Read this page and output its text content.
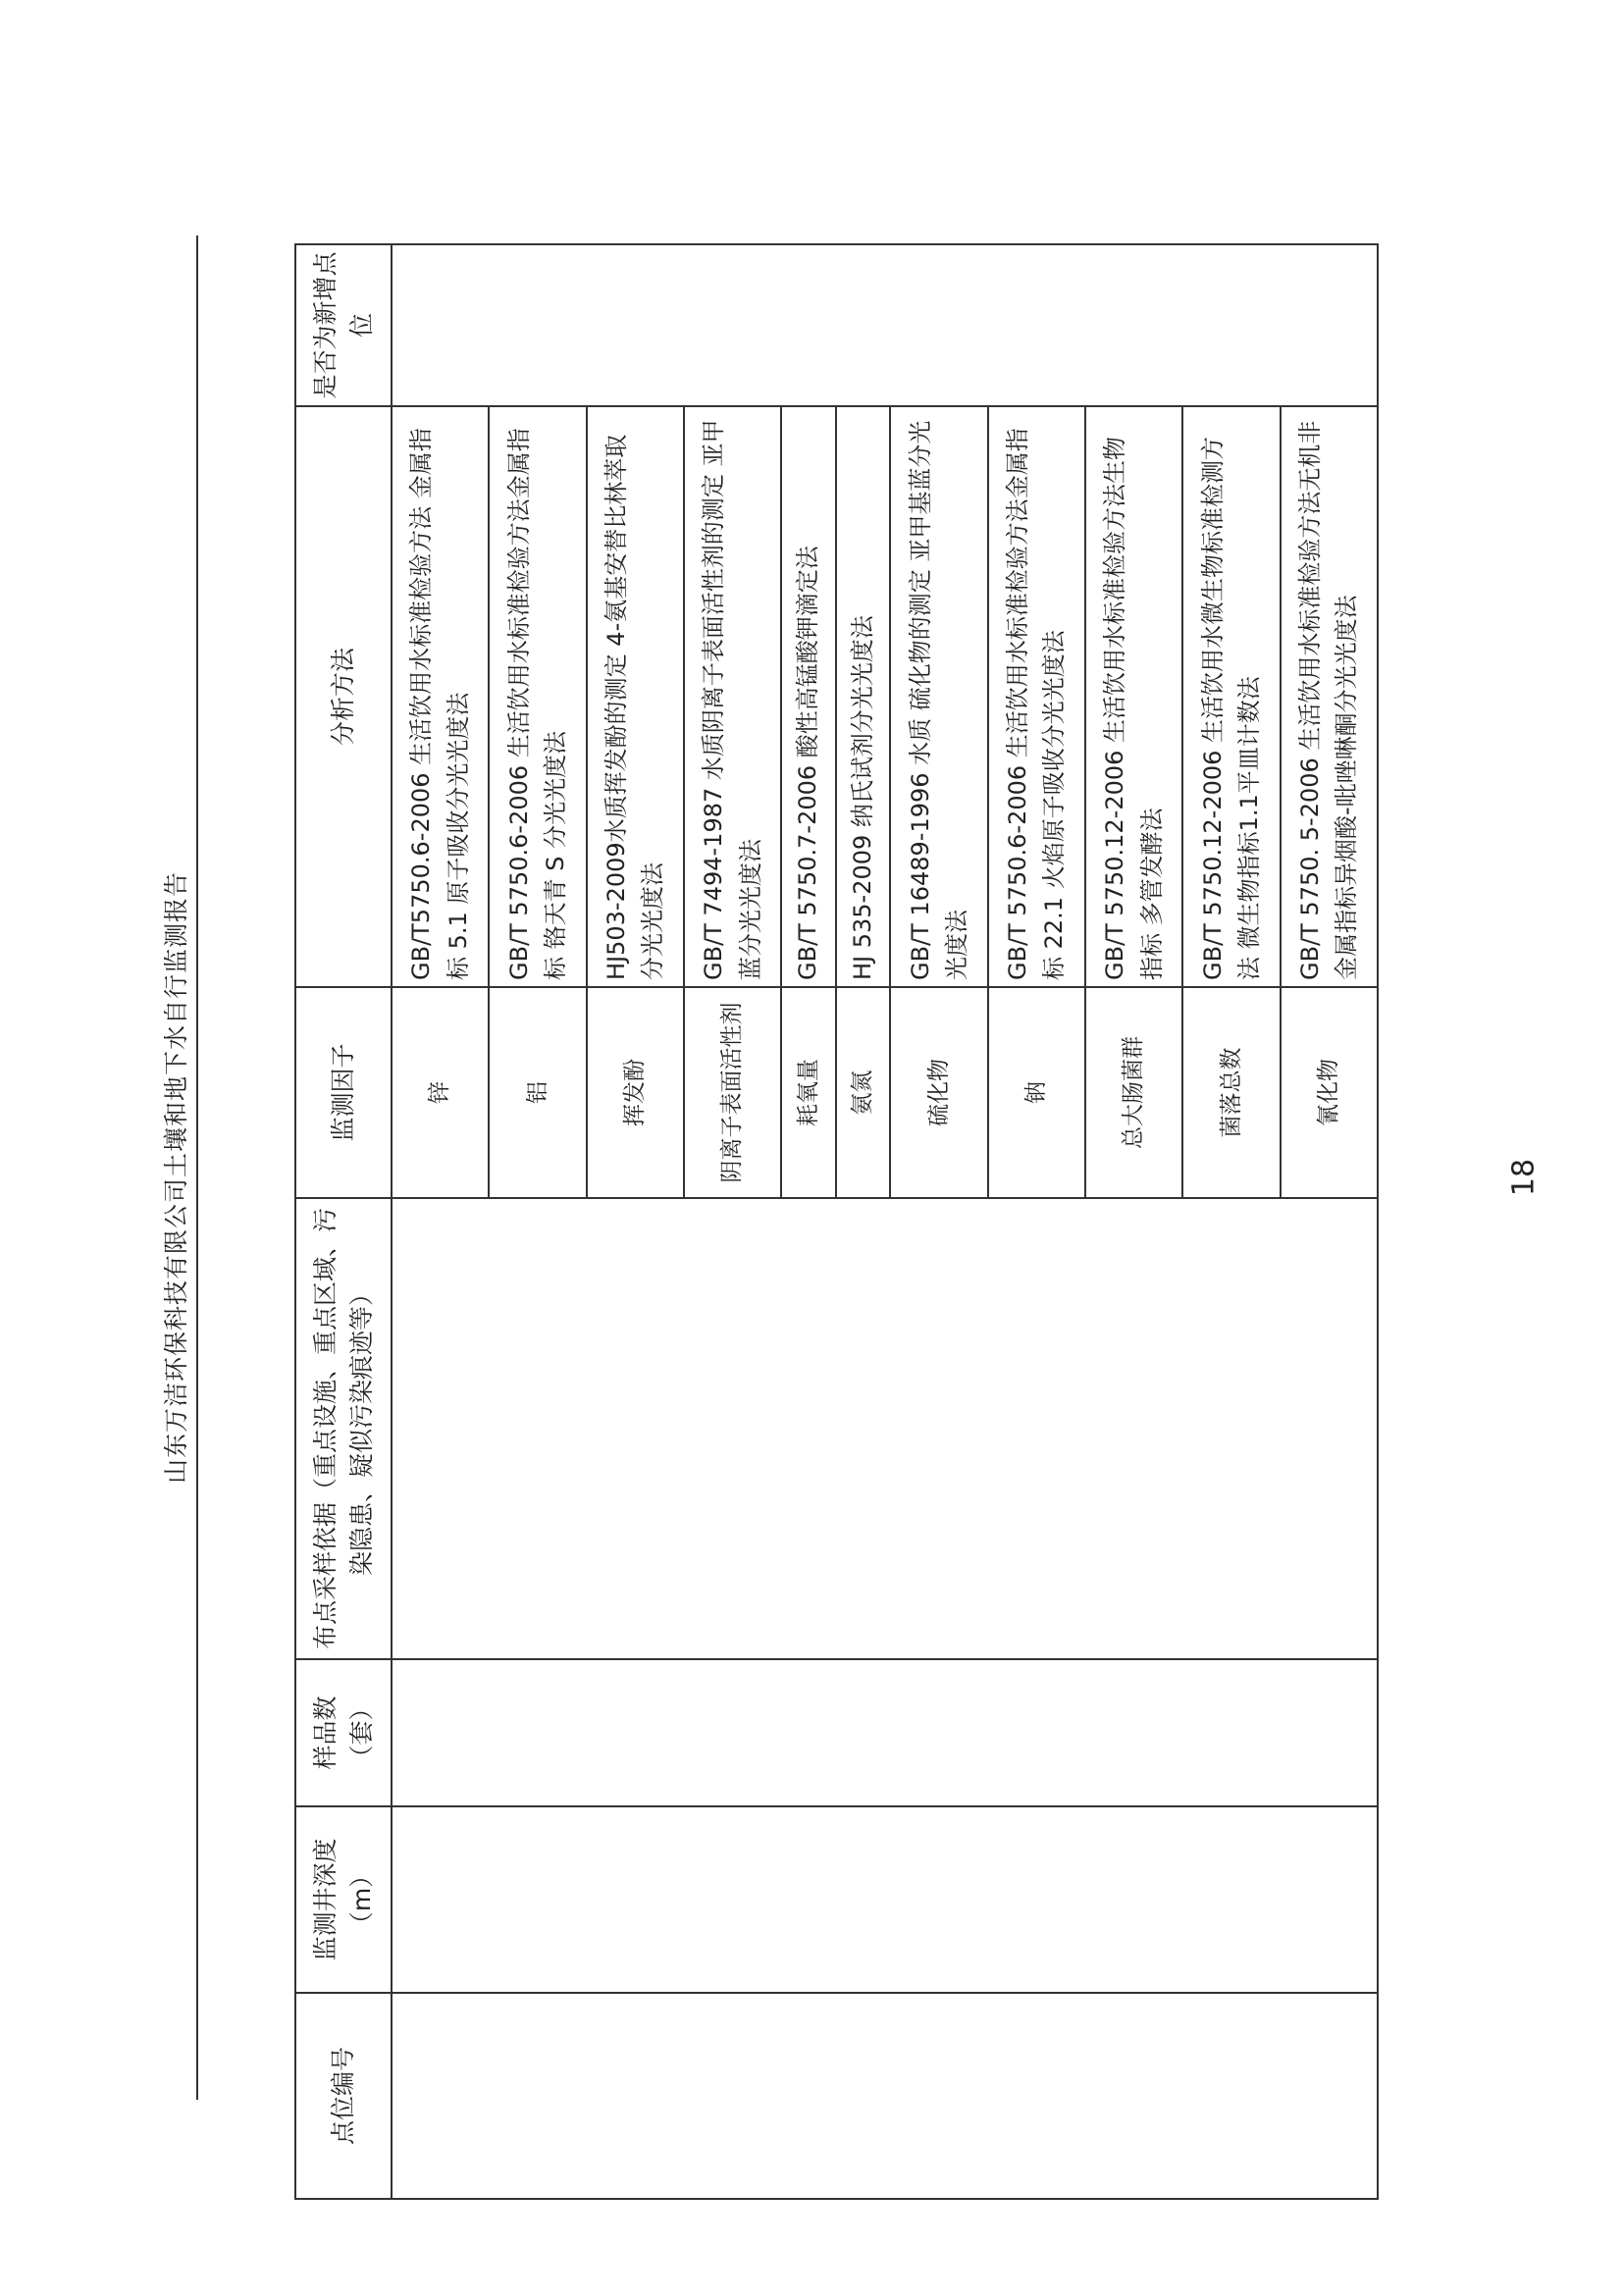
山东万洁环保科技有限公司土壤和地下水自行监测报告
点位编号	监测井深度（m）	样品数（套）	布点采样依据（重点设施、重点区域、污染隐患、疑似污染痕迹等）	监测因子	分析方法	是否为新增点位
				锌	GB/T5750.6-2006 生活饮用水标准检验方法 金属指标 5.1 原子吸收分光光度法	
				铝	GB/T 5750.6-2006 生活饮用水标准检验方法金属指标 铬天青 S 分光光度法	
				挥发酚	HJ503-2009水质挥发酚的测定 4-氨基安替比林萃取分光光度法	
				阴离子表面活性剂	GB/T 7494-1987 水质阴离子表面活性剂的测定 亚甲蓝分光光度法	
				耗氧量	GB/T 5750.7-2006 酸性高锰酸钾滴定法	
				氨氮	HJ 535-2009 纳氏试剂分光光度法	
				硫化物	GB/T 16489-1996 水质 硫化物的测定 亚甲基蓝分光光度法	
				钠	GB/T 5750.6-2006 生活饮用水标准检验方法金属指标 22.1 火焰原子吸收分光光度法	
				总大肠菌群	GB/T 5750.12-2006 生活饮用水标准检验方法生物指标 多管发酵法	
				菌落总数	GB/T 5750.12-2006 生活饮用水微生物标准检测方法 微生物指标1.1平皿计数法	
				氰化物	GB/T 5750. 5-2006 生活饮用水标准检验方法无机非金属指标异烟酸-吡唑啉酮分光光度法	
18
